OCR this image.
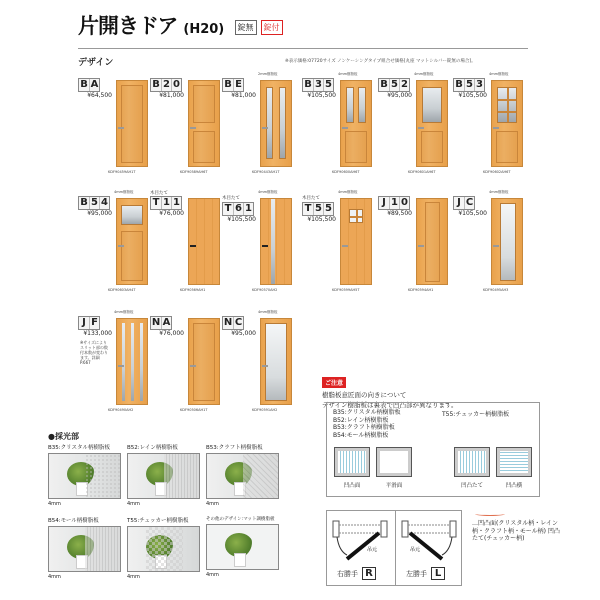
片開きドア (H20) 錠無 錠付
デザイン	※表示価格:07720サイズ ノンケーシングタイプ組合せ価格[丸座 マットシルバー錠無の場合]。
B A
¥64,500
KDF90459AH1T
B 2 0
¥81,000
KDF90589AH6T
2mm樹脂板
B E
¥81,000
KDF90443AH1T
4mm樹脂板
B 3 5
¥105,500
KDF90600AH6T
4mm樹脂板
B 5 2
¥95,000
KDF90601AH6T
4mm樹脂板
B 5 3
¥105,500
KDF90602AH6T
4mm樹脂板
B 5 4
¥95,000
KDF90603AH4T
木目たて
T 1 1
¥76,000
KDF90569AH1
4mm樹脂板
木目たて
T 6 1
¥105,500
KDF90570AH2
4mm樹脂板
木目たて
T 5 5
¥105,500
KDF90599AH5T
J 1 0
¥89,500
KDF90594AH1
4mm樹脂板
J C
¥105,500
KDF90495AH3
4mm樹脂板
J F
¥133,000
※サイズによりスリット部の数付本数が変わります。詳細P.667
KDF90490AH2
N A
¥76,000
KDF90506AH1T
4mm樹脂板
N C
¥95,000
KDF90591AH2
ご注意
樹脂板意匠面の向きについて
デザイン樹脂板は裏表で凹凸部が異なります。
B35:クリスタル柄樹脂板
B52:レイン柄樹脂板
B53:クラフト柄樹脂板
B54:モール柄樹脂板
T55:チェッカー柄樹脂板
凹凸面	平滑面	凹凸たて	凹凸横
吊元
右勝手 R
吊元
左勝手 L
…凹凸面(クリスタル柄・レイン柄・クラフト柄・モール柄) 凹凸たて(チェッカー柄)
●採光部
B35:クリスタル柄樹脂板
4mm
B52:レイン柄樹脂板
4mm
B53:クラフト柄樹脂板
4mm
B54:モール柄樹脂板
4mm
T55:チェッカー柄樹脂板
4mm
その他のデザイン:マット調樹脂板
4mm
